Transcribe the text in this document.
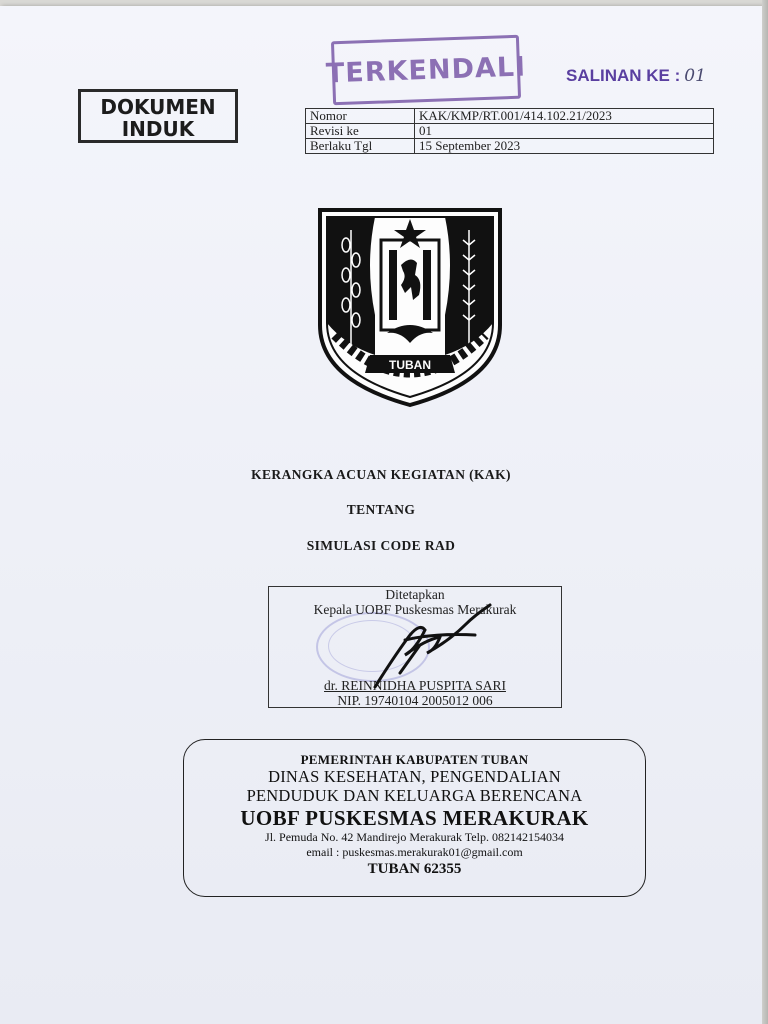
TERKENDALI SALINAN KE : 01
DOKUMEN
INDUK
Nomor	KAK/KMP/RT.001/414.102.21/2023
Revisi ke	01
Berlaku Tgl	15 September 2023
TUBAN
KERANGKA ACUAN KEGIATAN (KAK)
TENTANG
SIMULASI CODE RAD
Ditetapkan
Kepala UOBF Puskesmas Merakurak
dr. REINNIDHA PUSPITA SARI
NIP. 19740104 2005012 006
PEMERINTAH KABUPATEN TUBAN
DINAS KESEHATAN, PENGENDALIAN
PENDUDUK DAN KELUARGA BERENCANA
UOBF PUSKESMAS MERAKURAK
Jl. Pemuda No. 42 Mandirejo Merakurak Telp. 082142154034
email : puskesmas.merakurak01@gmail.com
TUBAN 62355
